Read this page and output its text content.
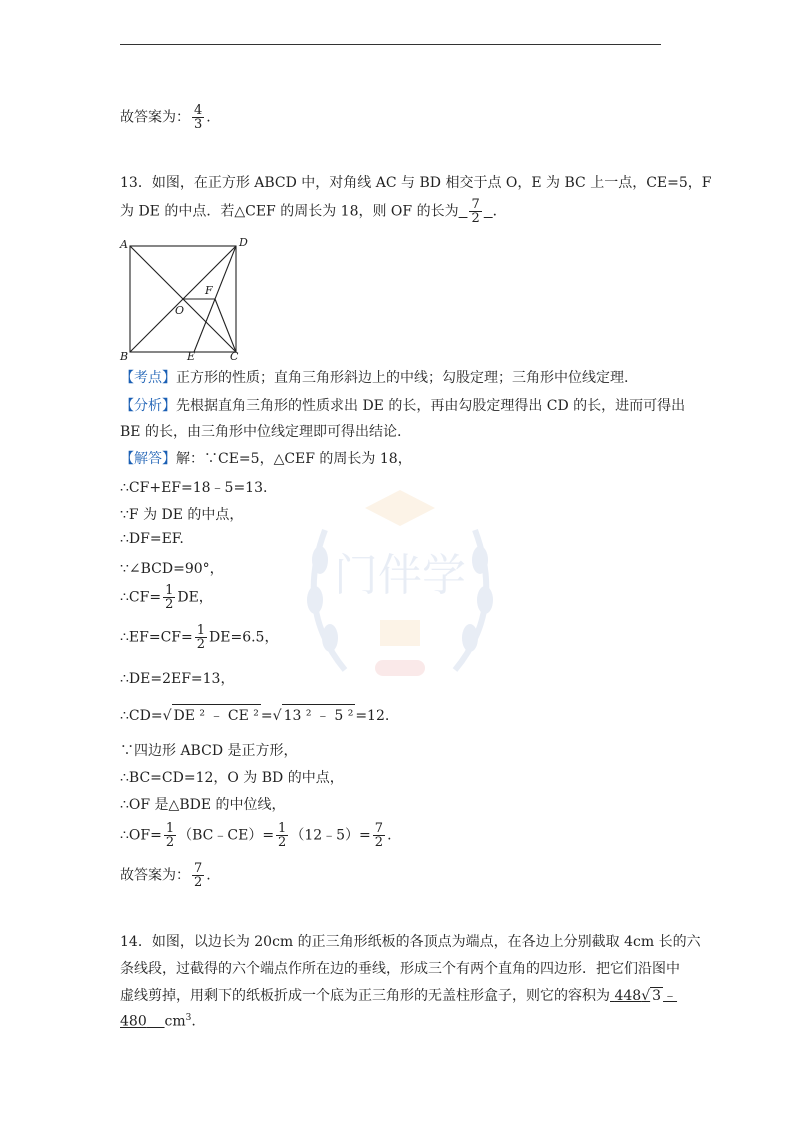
故答案为： $\frac{4}{3}$ .
13．如图，在正方形 ABCD 中，对角线 AC 与 BD 相交于点 O，E 为 BC 上一点，CE=5，F
为 DE 的中点．若△CEF 的周长为 18，则 OF 的长为 $\frac{7}{2}$ ．
A	D
B	C
E
O
F
【考点】正方形的性质；直角三角形斜边上的中线；勾股定理；三角形中位线定理.
【分析】先根据直角三角形的性质求出 DE 的长，再由勾股定理得出 CD 的长，进而可得出
BE 的长，由三角形中位线定理即可得出结论.
【解答】解：∵CE=5，△CEF 的周长为 18，
∴CF+EF=18﹣5=13.
∵F 为 DE 的中点，
∴DF=EF.
∵∠BCD=90°，
∴CF= $\frac{1}{2}$ DE，
∴EF=CF= $\frac{1}{2} DE=6.5$，
∴DE=2EF=13，
∴CD=√ DE ² ﹣ CE ² =√ 13 ² ﹣ 5 ² =12.
∵四边形 ABCD 是正方形，
∴BC=CD=12，O 为 BD 的中点，
∴OF 是△BDE 的中位线，
∴OF= $\frac{1}{2}$ （BC﹣CE）= $\frac{1}{2}$ （12﹣5）= $\frac{7}{2}$ .
故答案为： $\frac{7}{2}$ .
14．如图，以边长为 20cm 的正三角形纸板的各顶点为端点，在各边上分别截取 4cm 长的六
条线段，过截得的六个端点作所在边的垂线，形成三个有两个直角的四边形．把它们沿图中
虚线剪掉，用剩下的纸板折成一个底为正三角形的无盖柱形盒子，则它的容积为 448√ 3 ﹣
480 $cm^3$.
门伴学
